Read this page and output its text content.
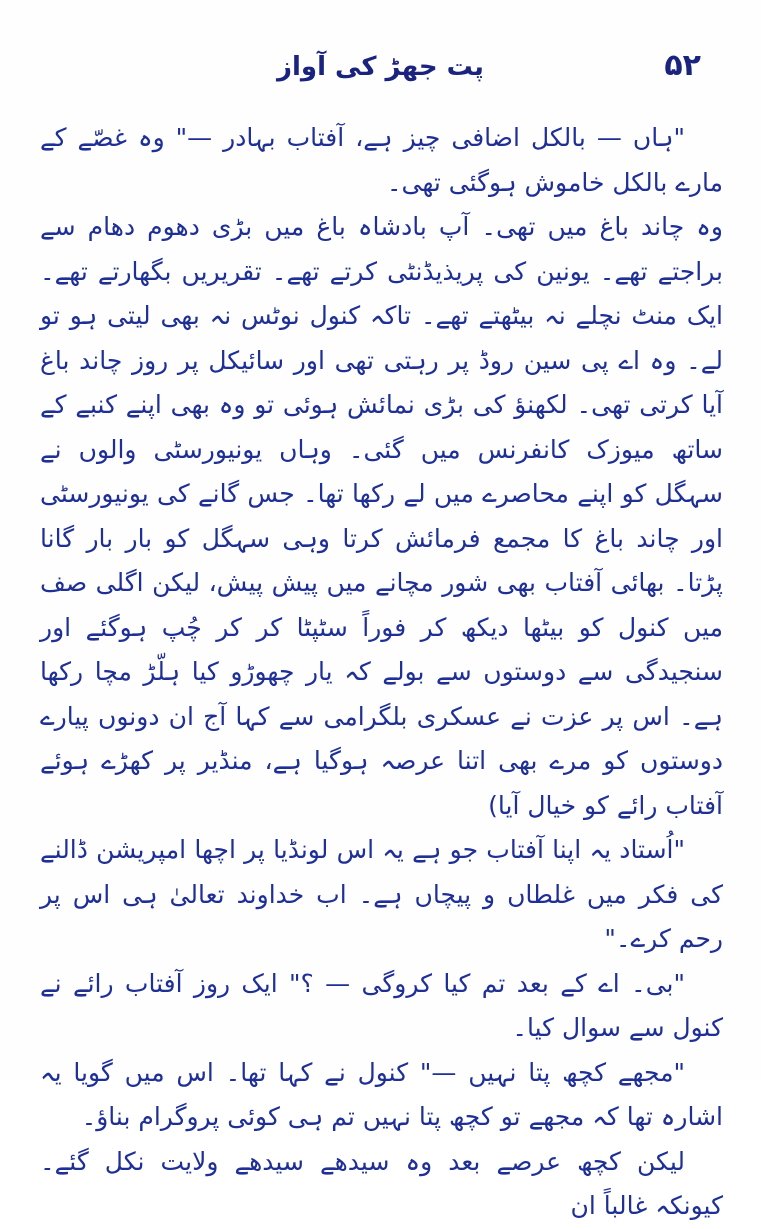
۵۲
پت جھڑ کی آواز

"ہاں — بالکل اضافی چیز ہے، آفتاب بہادر —" وہ غصّے کے مارے بالکل خاموش ہوگئی تھی۔

وہ چاند باغ میں تھی۔ آپ بادشاہ باغ میں بڑی دھوم دھام سے براجتے تھے۔ یونین کی پریذیڈنٹی کرتے تھے۔ تقریریں بگھارتے تھے۔ ایک منٹ نچلے نہ بیٹھتے تھے۔ تاکہ کنول نوٹس نہ بھی لیتی ہو تو لے۔ وہ اے پی سین روڈ پر رہتی تھی اور سائیکل پر روز چاند باغ آیا کرتی تھی۔ لکھنؤ کی بڑی نمائش ہوئی تو وہ بھی اپنے کنبے کے ساتھ میوزک کانفرنس میں گئی۔ وہاں یونیورسٹی والوں نے سہگل کو اپنے محاصرے میں لے رکھا تھا۔ جس گانے کی یونیورسٹی اور چاند باغ کا مجمع فرمائش کرتا وہی سہگل کو بار بار گانا پڑتا۔ بھائی آفتاب بھی شور مچانے میں پیش پیش، لیکن اگلی صف میں کنول کو بیٹھا دیکھ کر فوراً سٹپٹا کر کر چُپ ہوگئے اور سنجیدگی سے دوستوں سے بولے کہ یار چھوڑو کیا ہلّڑ مچا رکھا ہے۔ اس پر عزت نے عسکری بلگرامی سے کہا آج ان دونوں پیارے دوستوں کو مرے بھی اتنا عرصہ ہوگیا ہے، منڈیر پر کھڑے ہوئے آفتاب رائے کو خیال آیا)

"اُستاد یہ اپنا آفتاب جو ہے یہ اس لونڈیا پر اچھا امپریشن ڈالنے کی فکر میں غلطاں و پیچاں ہے۔ اب خداوند تعالیٰ ہی اس پر رحم کرے۔"

"بی۔ اے کے بعد تم کیا کروگی — ؟" ایک روز آفتاب رائے نے کنول سے سوال کیا۔

"مجھے کچھ پتا نہیں —" کنول نے کہا تھا۔ اس میں گویا یہ اشارہ تھا کہ مجھے تو کچھ پتا نہیں تم ہی کوئی پروگرام بناؤ۔

لیکن کچھ عرصے بعد وہ سیدھے سیدھے ولایت نکل گئے۔ کیونکہ غالباً ان
